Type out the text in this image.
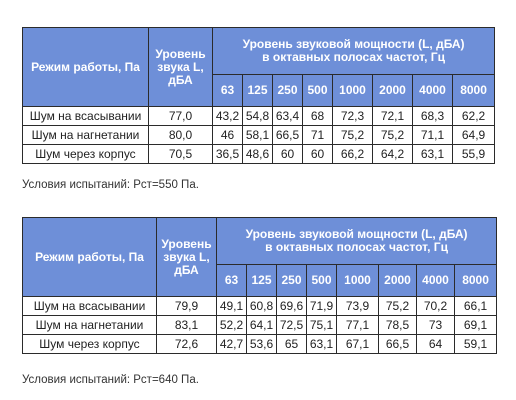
Режим работы, Па	Уровень звука L, дБА	Уровень звуковой мощности (L, дБА)
в октавных полосах частот, Гц							
		63	125	250	500	1000	2000	4000	8000
Шум на всасывании	77,0	43,2	54,8	63,4	68	72,3	72,1	68,3	62,2
Шум на нагнетании	80,0	46	58,1	66,5	71	75,2	75,2	71,1	64,9
Шум через корпус	70,5	36,5	48,6	60	60	66,2	64,2	63,1	55,9
Условия испытаний: Рст=550 Па.
Режим работы, Па	Уровень звука L, дБА	Уровень звуковой мощности (L, дБА)
в октавных полосах частот, Гц							
		63	125	250	500	1000	2000	4000	8000
Шум на всасывании	79,9	49,1	60,8	69,6	71,9	73,9	75,2	70,2	66,1
Шум на нагнетании	83,1	52,2	64,1	72,5	75,1	77,1	78,5	73	69,1
Шум через корпус	72,6	42,7	53,6	65	63,1	67,1	66,5	64	59,1
Условия испытаний: Рст=640 Па.
